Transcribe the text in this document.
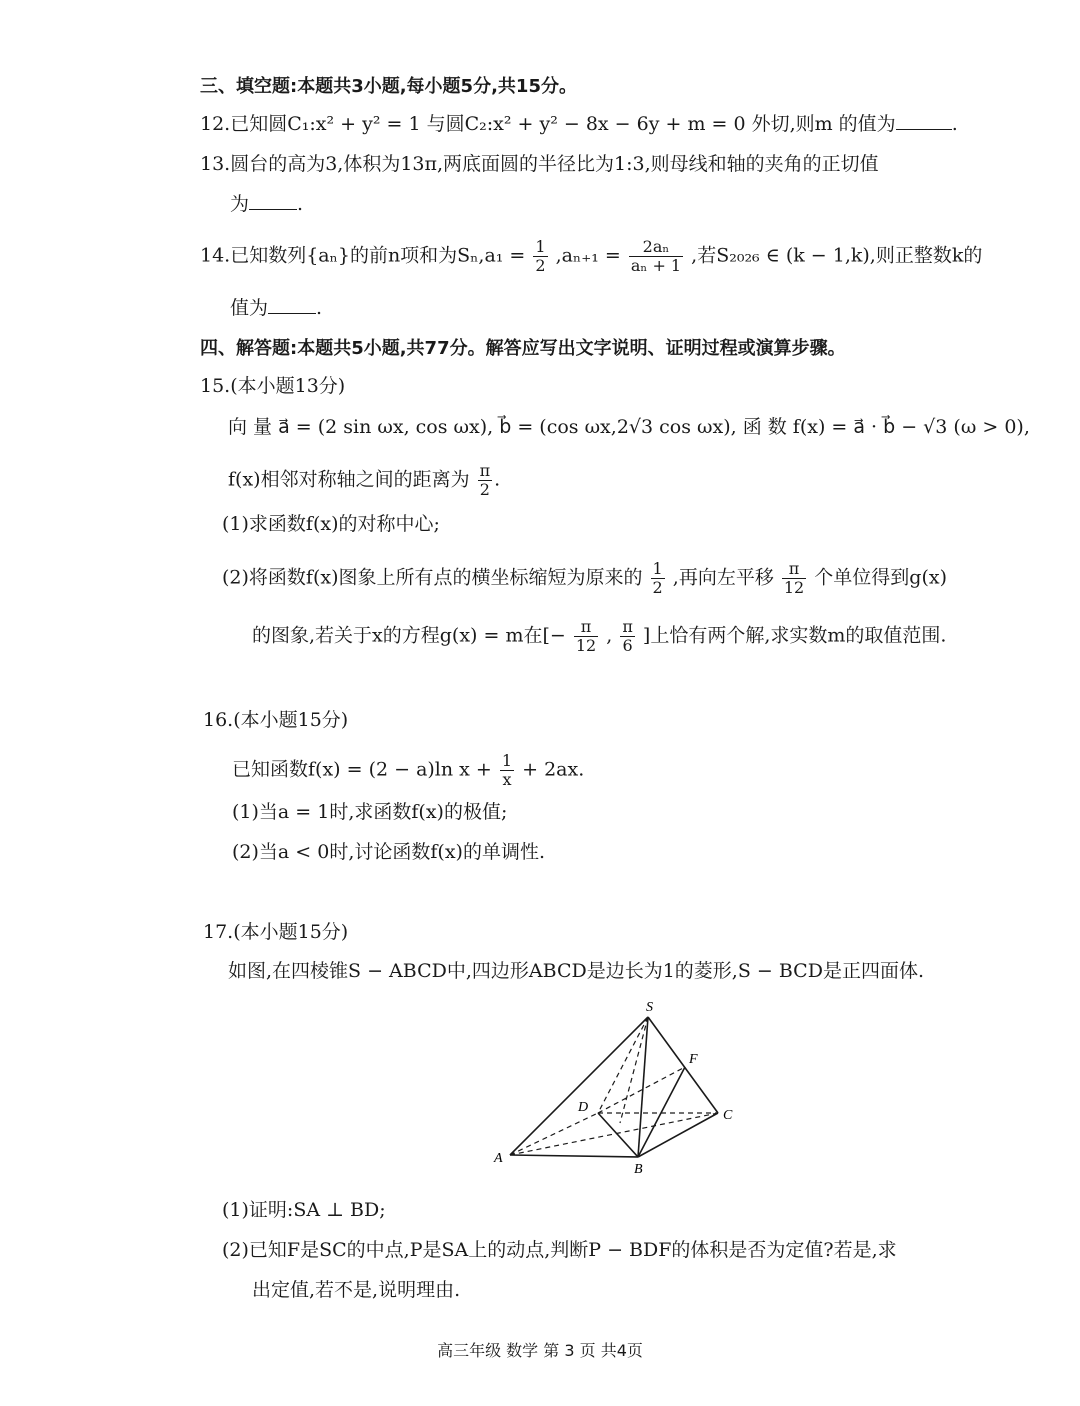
三、填空题:本题共3小题,每小题5分,共15分。
12.已知圆C₁:x² + y² = 1 与圆C₂:x² + y² − 8x − 6y + m = 0 外切,则m 的值为	.
13.圆台的高为3,体积为13π,两底面圆的半径比为1:3,则母线和轴的夹角的正切值
为	.
14.已知数列{aₙ}的前n项和为$S_n,a_1 = \frac{1}{2} ,a_{n+1} = \frac{\text{2aₙ}}{\text{aₙ + 1}}$ ,若S₂₀₂₆ ∈ (k − 1,k),则正整数k的
值为	.
四、解答题:本题共5小题,共77分。解答应写出文字说明、证明过程或演算步骤。
15.(本小题13分)
向 量 a⃗ = (2 sin ωx, cos ωx), b⃗ = (cos ωx,2√3 cos ωx), 函 数 f(x) = a⃗ · b⃗ − √3 (ω > 0),
f(x)相邻对称轴之间的距离为 $\frac{\pi}{2}$ .
(1)求函数f(x)的对称中心;
(2)将函数f(x)图象上所有点的横坐标缩短为原来的 $\frac{1}{2}$ ,再向左平移 $\frac{\pi}{12}$ 个单位得到g(x)
的图象,若关于x的方程g(x) = m在[− $\frac{\pi}{12}$ , $\frac{\pi}{6}$ ]上恰有两个解,求实数m的取值范围.
16.(本小题15分)
已知函数f(x) = (2 − a)ln $x + \frac{1}{x} + 2ax$.
(1)当a = 1时,求函数f(x)的极值;
(2)当a < 0时,讨论函数f(x)的单调性.
17.(本小题15分)
如图,在四棱锥S − ABCD中,四边形ABCD是边长为1的菱形,S − BCD是正四面体.
S
F
D
C
A
B
(1)证明:SA ⊥ BD;
(2)已知F是SC的中点,P是SA上的动点,判断P − BDF的体积是否为定值?若是,求
出定值,若不是,说明理由.
高三年级 数学 第 3 页 共4页
